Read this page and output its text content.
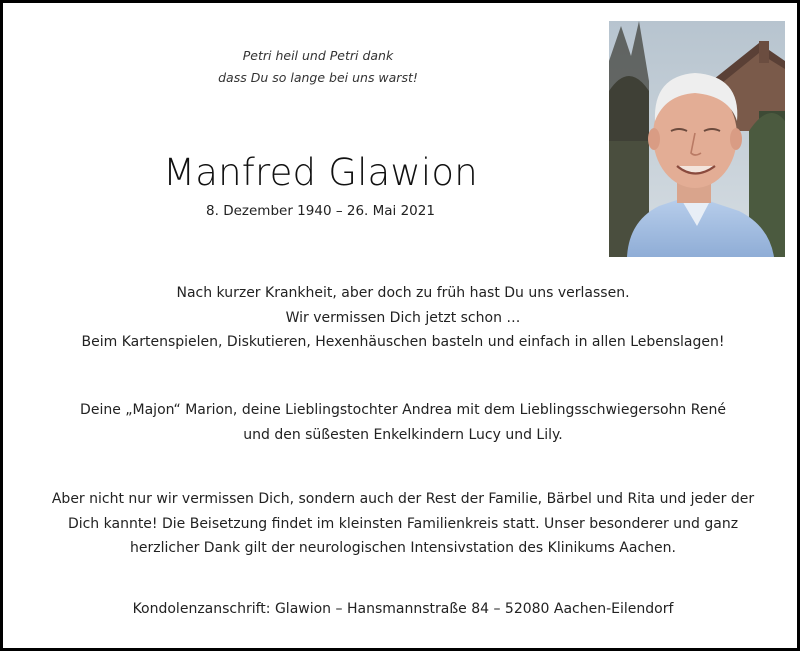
Petri heil und Petri dank
dass Du so lange bei uns warst!
Manfred Glawion
8. Dezember 1940 – 26. Mai 2021
Nach kurzer Krankheit, aber doch zu früh hast Du uns verlassen.
Wir vermissen Dich jetzt schon …
Beim Kartenspielen, Diskutieren, Hexenhäuschen basteln und einfach in allen Lebenslagen!
Deine „Majon“ Marion, deine Lieblingstochter Andrea mit dem Lieblingsschwiegersohn René
und den süßesten Enkelkindern Lucy und Lily.
Aber nicht nur wir vermissen Dich, sondern auch der Rest der Familie, Bärbel und Rita und jeder der
Dich kannte! Die Beisetzung findet im kleinsten Familienkreis statt. Unser besonderer und ganz
herzlicher Dank gilt der neurologischen Intensivstation des Klinikums Aachen.
Kondolenzanschrift: Glawion – Hansmannstraße 84 – 52080 Aachen-Eilendorf
